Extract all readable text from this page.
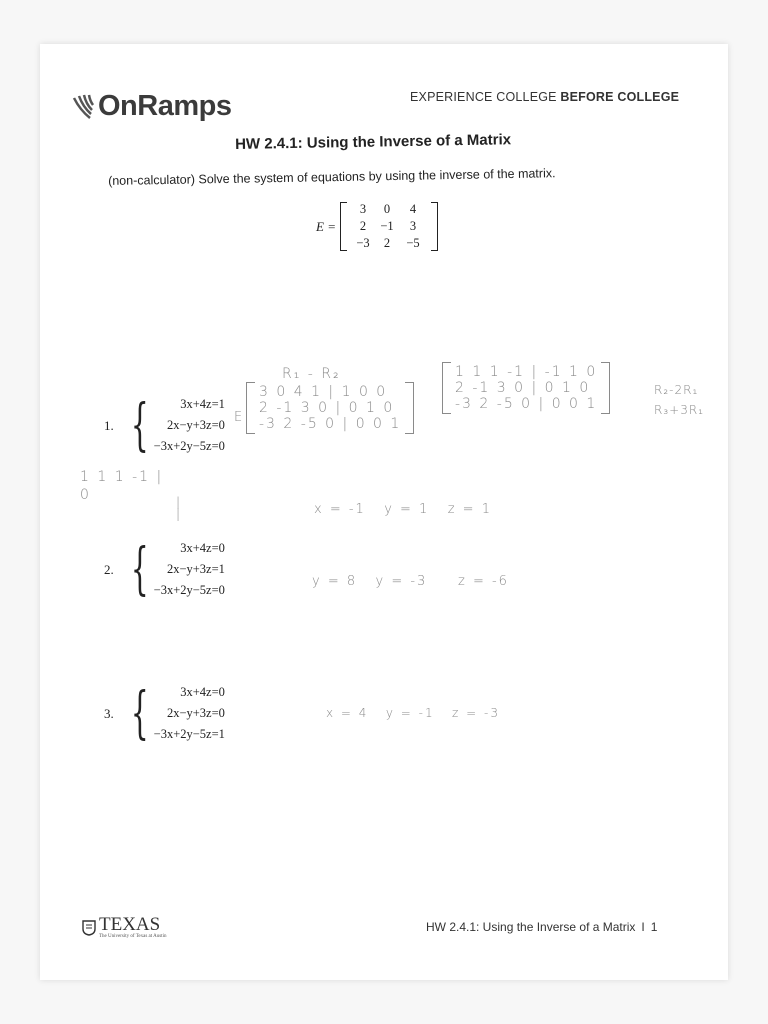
OnRamps	EXPERIENCE COLLEGE BEFORE COLLEGE
HW 2.4.1: Using the Inverse of a Matrix
(non-calculator) Solve the system of equations by using the inverse of the matrix.
E =
3	0	4
2	−1	3
−3	2	−5
1. {	3x+4z=1
2x−y+3z=0
−3x+2y−5z=0
2. {	3x+4z=0
2x−y+3z=1
−3x+2y−5z=0
3. {	3x+4z=0
2x−y+3z=0
−3x+2y−5z=1
R₁ - R₂
E
3 0 4 1 | 1 0 0
2 -1 3 0 | 0 1 0
-3 2 -5 0 | 0 0 1
1 1 1 -1 | -1 1 0
2 -1 3 0 | 0 1 0
-3 2 -5 0 | 0 0 1
R₂-2R₁
R₃+3R₁
1 1 1 -1 |
0	|
|	x = -1   y = 1   z = 1
y = 8   y = -3     z = -6
x = 4   y = -1   z = -3
TEXAS
The University of Texas at Austin
HW 2.4.1: Using the Inverse of a Matrix I 1
